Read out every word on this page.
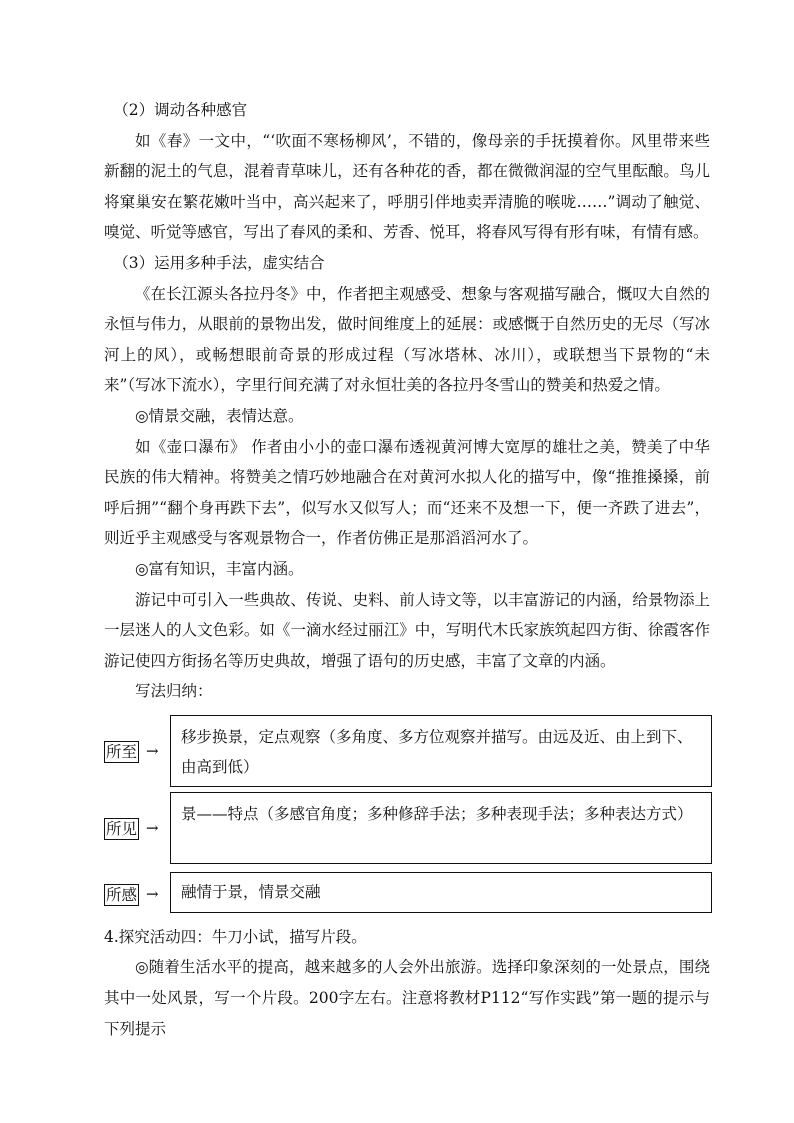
（2）调动各种感官

如《春》一文中，“‘吹面不寒杨柳风’，不错的，像母亲的手抚摸着你。风里带来些新翻的泥土的气息，混着青草味儿，还有各种花的香，都在微微润湿的空气里酝酿。鸟儿将窠巢安在繁花嫩叶当中，高兴起来了，呼朋引伴地卖弄清脆的喉咙……”调动了触觉、嗅觉、听觉等感官，写出了春风的柔和、芳香、悦耳，将春风写得有形有味，有情有感。

（3）运用多种手法，虚实结合

《在长江源头各拉丹冬》中，作者把主观感受、想象与客观描写融合，慨叹大自然的永恒与伟力，从眼前的景物出发，做时间维度上的延展：或感慨于自然历史的无尽（写冰河上的风），或畅想眼前奇景的形成过程（写冰塔林、冰川），或联想当下景物的“未来”（写冰下流水），字里行间充满了对永恒壮美的各拉丹冬雪山的赞美和热爱之情。

◎情景交融，表情达意。

如《壶口瀑布》 作者由小小的壶口瀑布透视黄河博大宽厚的雄壮之美，赞美了中华民族的伟大精神。将赞美之情巧妙地融合在对黄河水拟人化的描写中，像“推推搡搡，前呼后拥”“翻个身再跌下去”，似写水又似写人；而“还来不及想一下，便一齐跌了进去”，则近乎主观感受与客观景物合一，作者仿佛正是那滔滔河水了。

◎富有知识，丰富内涵。

游记中可引入一些典故、传说、史料、前人诗文等，以丰富游记的内涵，给景物添上一层迷人的人文色彩。如《一滴水经过丽江》中，写明代木氏家族筑起四方街、徐霞客作游记使四方街扬名等历史典故，增强了语句的历史感，丰富了文章的内涵。

写法归纳：

所至 →
移步换景，定点观察（多角度、多方位观察并描写。由远及近、由上到下、由高到低）
所见 →
景——特点（多感官角度；多种修辞手法；多种表现手法；多种表达方式）
所感 →	融情于景，情景交融

4.探究活动四：牛刀小试，描写片段。

◎随着生活水平的提高，越来越多的人会外出旅游。选择印象深刻的一处景点，围绕其中一处风景，写一个片段。200字左右。注意将教材P112“写作实践”第一题的提示与下列提示
